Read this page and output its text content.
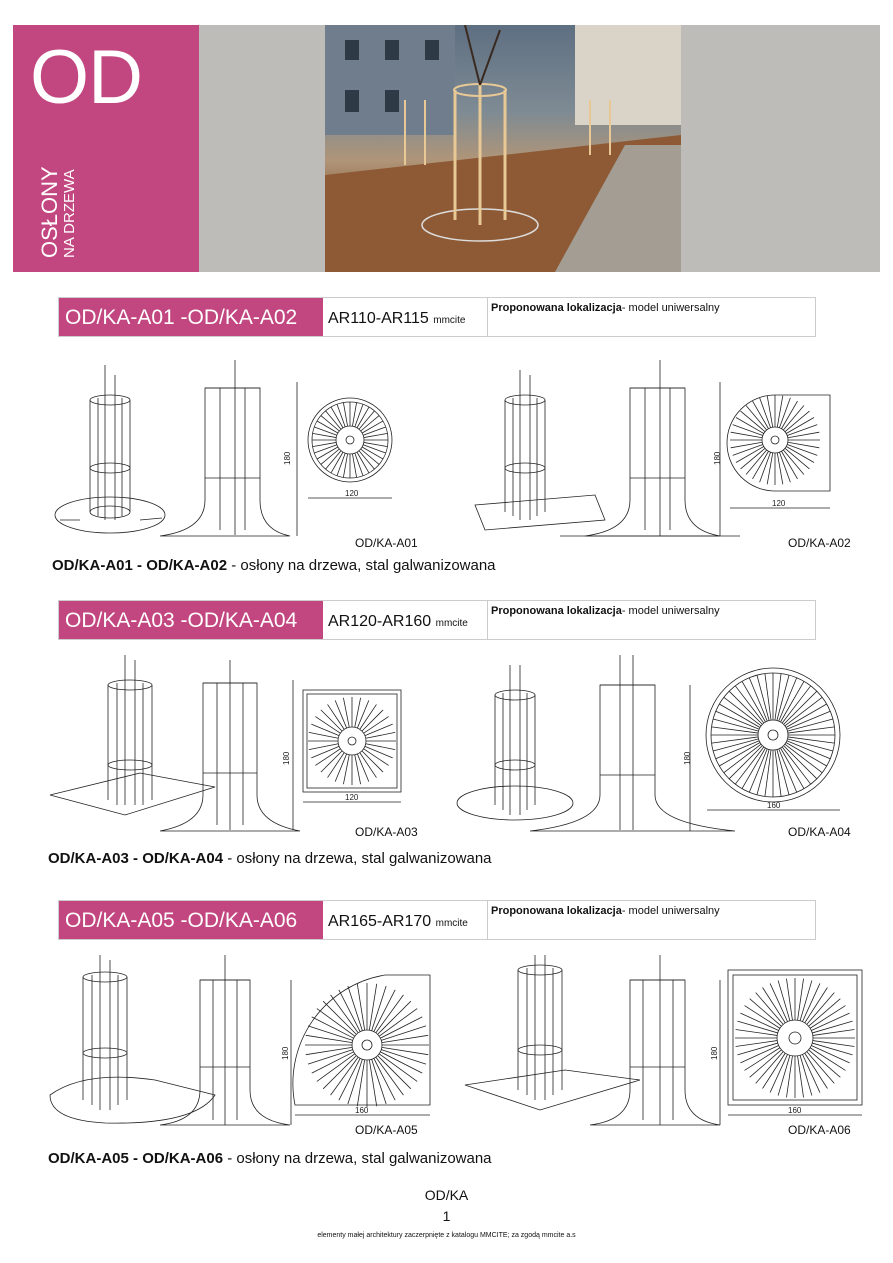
OD
OSŁONY NA DRZEWA
OD/KA-A01 -OD/KA-A02	AR110-AR115 mmcite
Proponowana lokalizacja- model uniwersalny
120
180
120
180
OD/KA-A01	OD/KA-A02
OD/KA-A01 - OD/KA-A02 - osłony na drzewa, stal galwanizowana
OD/KA-A03 -OD/KA-A04	AR120-AR160 mmcite
Proponowana lokalizacja- model uniwersalny
120
180
160
180
OD/KA-A03	OD/KA-A04
OD/KA-A03 - OD/KA-A04 - osłony na drzewa, stal galwanizowana
OD/KA-A05 -OD/KA-A06	AR165-AR170 mmcite
Proponowana lokalizacja- model uniwersalny
160
180
160
180
OD/KA-A05	OD/KA-A06
OD/KA-A05 - OD/KA-A06 - osłony na drzewa, stal galwanizowana
OD/KA
1
elementy małej architektury zaczerpnięte z katalogu MMCITE; za zgodą mmcite a.s
